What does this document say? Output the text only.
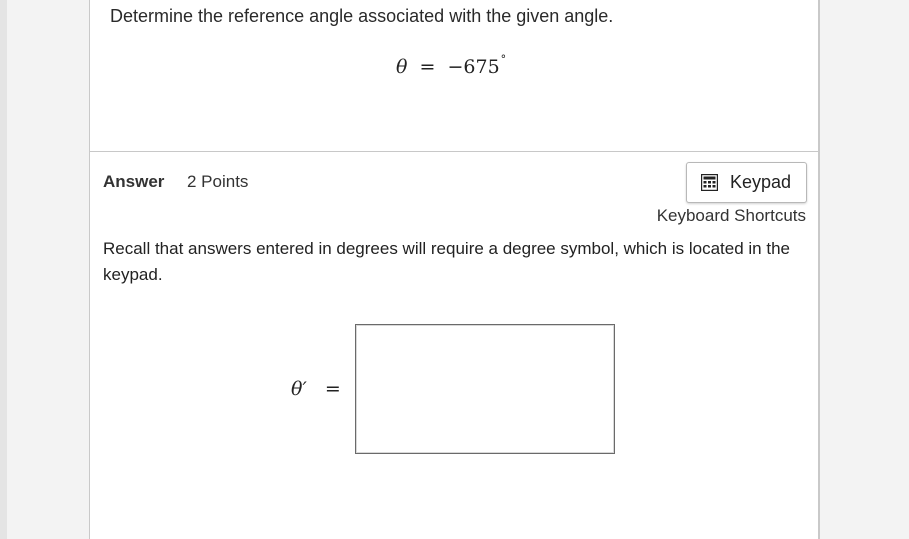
Determine the reference angle associated with the given angle.
θ = −675°
Answer 2 Points	Keypad
Keyboard Shortcuts
Recall that answers entered in degrees will require a degree symbol, which is located in the keypad.
θ′ =
